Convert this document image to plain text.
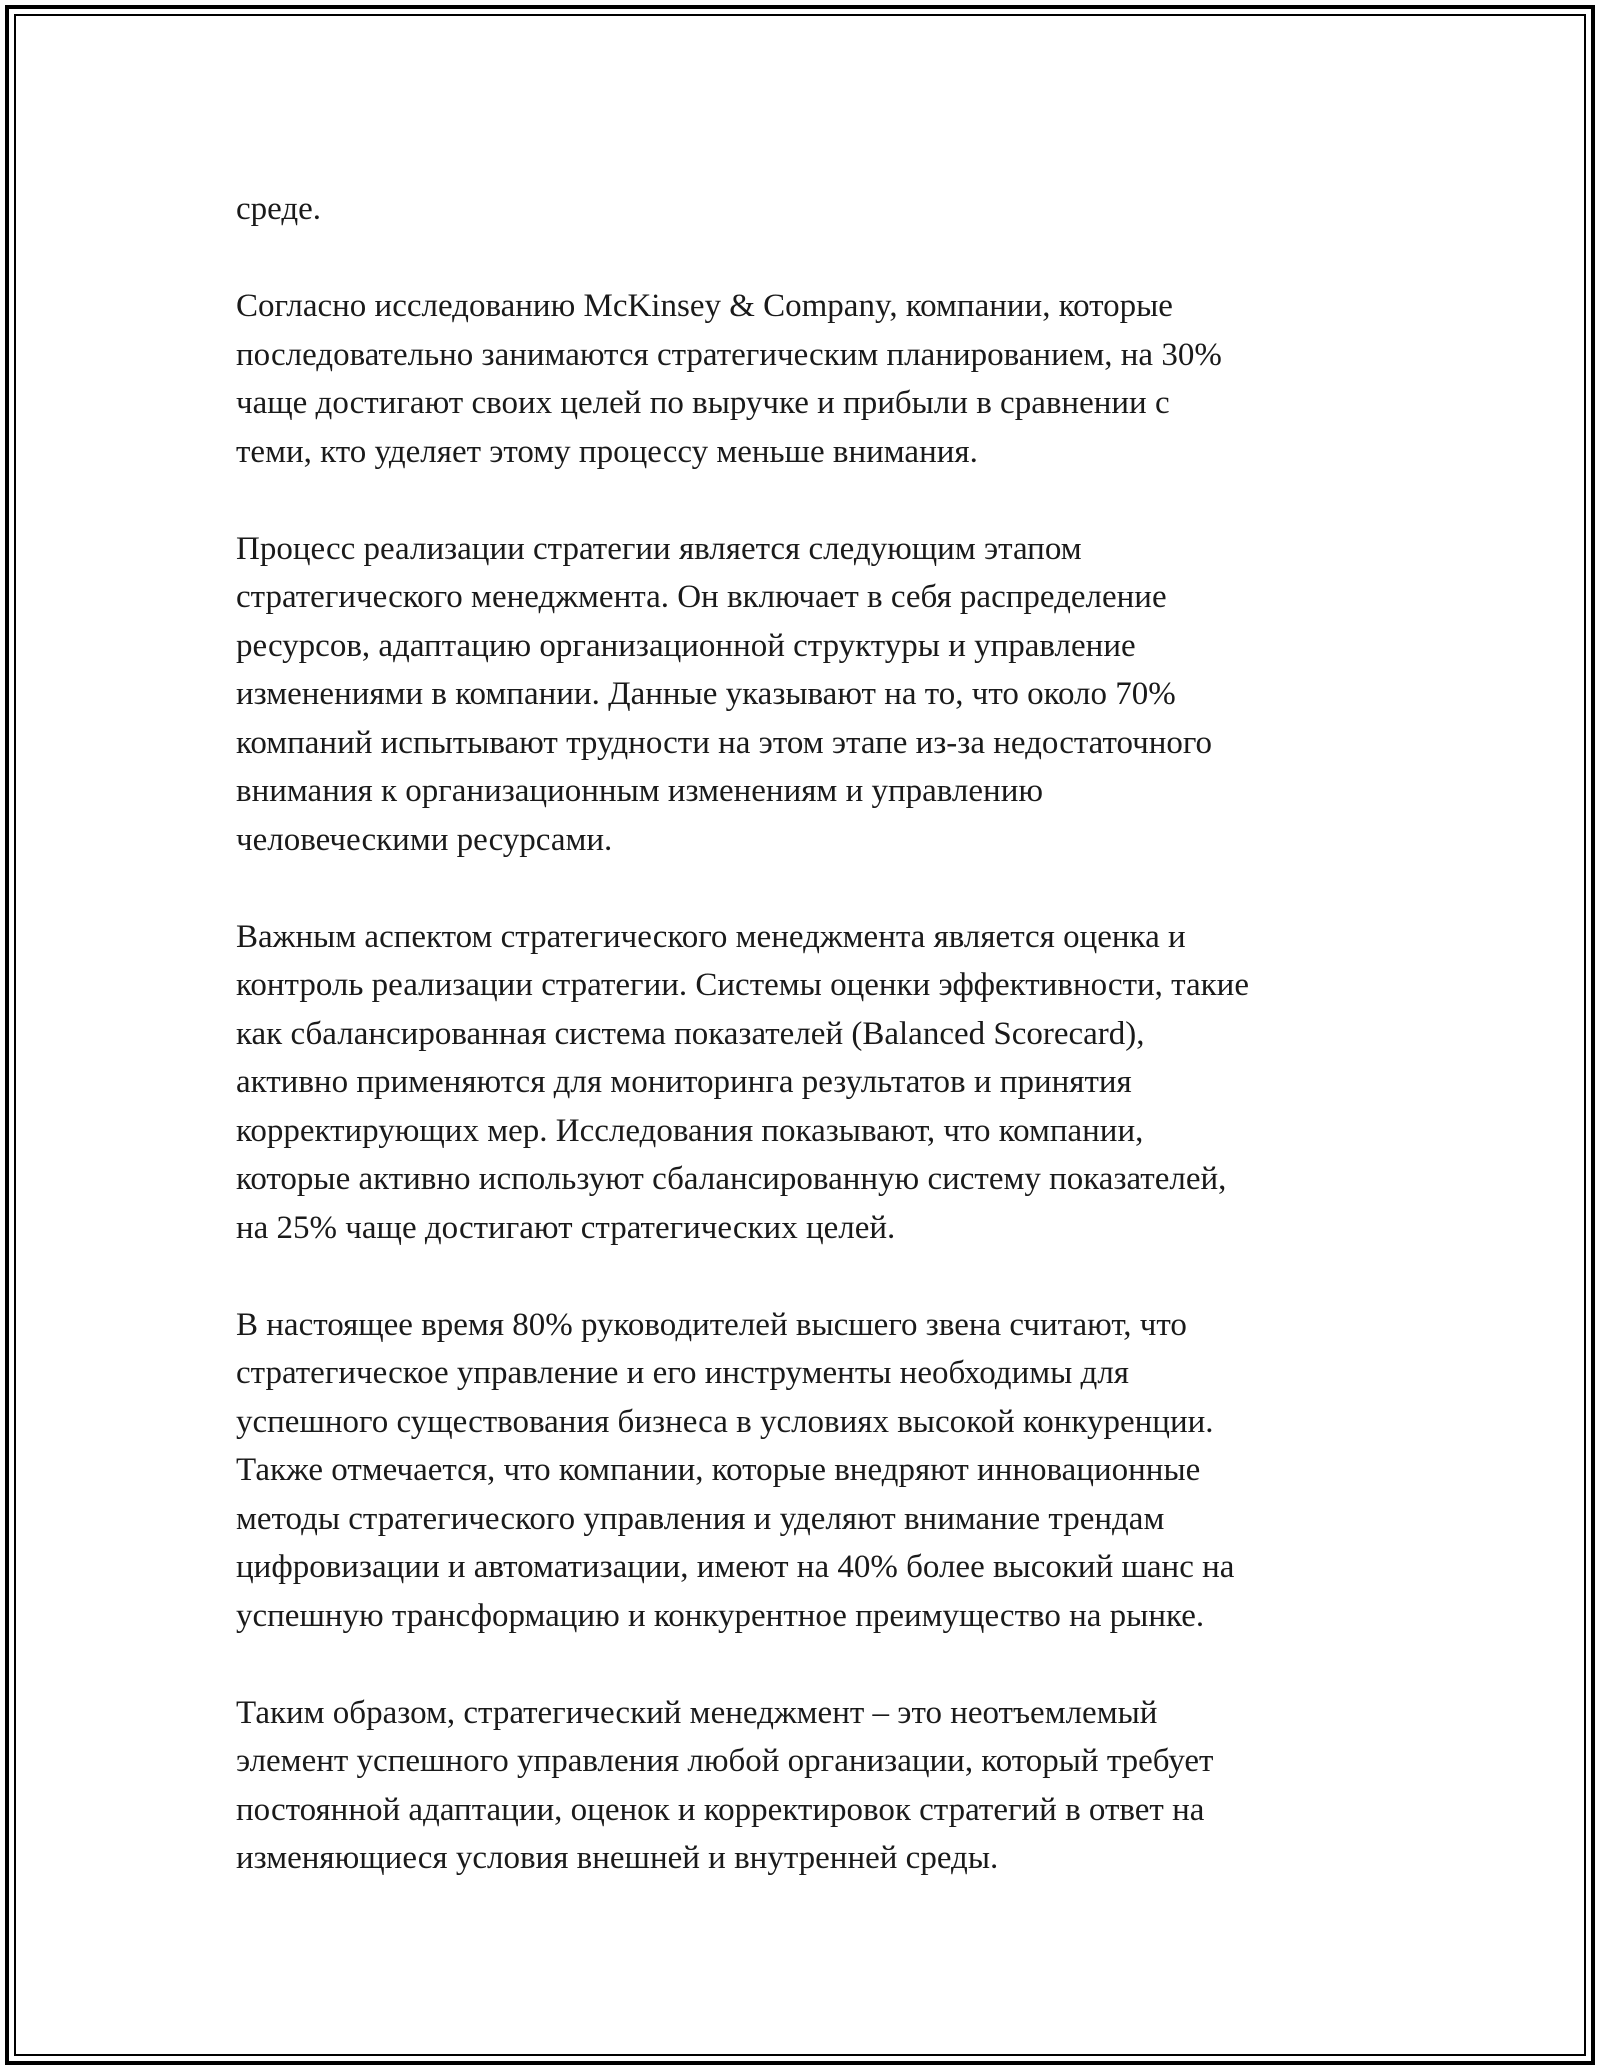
среде.

Согласно исследованию McKinsey & Company, компании, которые
последовательно занимаются стратегическим планированием, на 30%
чаще достигают своих целей по выручке и прибыли в сравнении с
теми, кто уделяет этому процессу меньше внимания.

Процесс реализации стратегии является следующим этапом
стратегического менеджмента. Он включает в себя распределение
ресурсов, адаптацию организационной структуры и управление
изменениями в компании. Данные указывают на то, что около 70%
компаний испытывают трудности на этом этапе из-за недостаточного
внимания к организационным изменениям и управлению
человеческими ресурсами.

Важным аспектом стратегического менеджмента является оценка и
контроль реализации стратегии. Системы оценки эффективности, такие
как сбалансированная система показателей (Balanced Scorecard),
активно применяются для мониторинга результатов и принятия
корректирующих мер. Исследования показывают, что компании,
которые активно используют сбалансированную систему показателей,
на 25% чаще достигают стратегических целей.

В настоящее время 80% руководителей высшего звена считают, что
стратегическое управление и его инструменты необходимы для
успешного существования бизнеса в условиях высокой конкуренции.
Также отмечается, что компании, которые внедряют инновационные
методы стратегического управления и уделяют внимание трендам
цифровизации и автоматизации, имеют на 40% более высокий шанс на
успешную трансформацию и конкурентное преимущество на рынке.

Таким образом, стратегический менеджмент – это неотъемлемый
элемент успешного управления любой организации, который требует
постоянной адаптации, оценок и корректировок стратегий в ответ на
изменяющиеся условия внешней и внутренней среды.
